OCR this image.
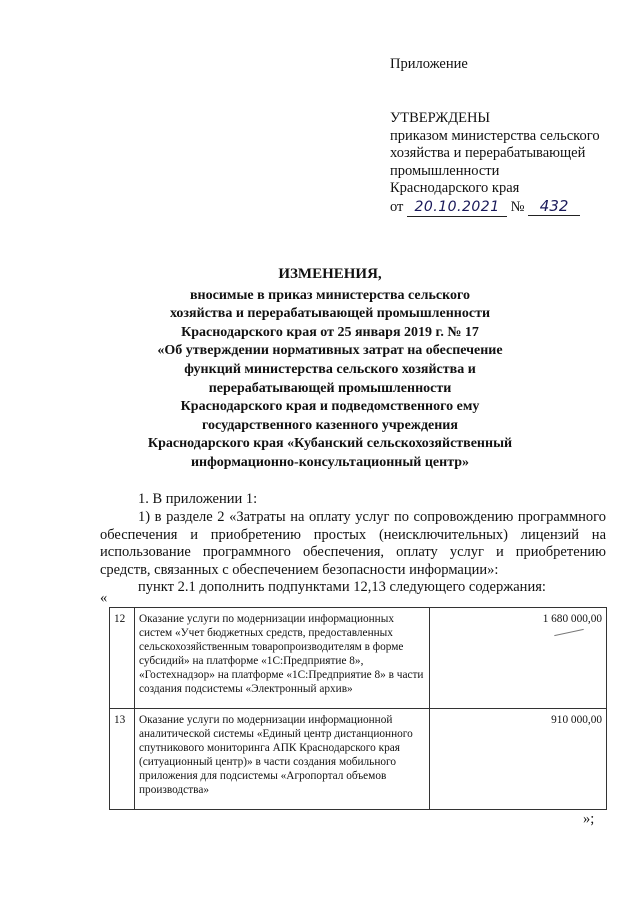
Приложение
УТВЕРЖДЕНЫ
приказом министерства сельского
хозяйства и перерабатывающей
промышленности
Краснодарского края
от 20.10.2021 № 432
ИЗМЕНЕНИЯ,
вносимые в приказ министерства сельского
хозяйства и перерабатывающей промышленности
Краснодарского края от 25 января 2019 г. № 17
«Об утверждении нормативных затрат на обеспечение
функций министерства сельского хозяйства и
перерабатывающей промышленности
Краснодарского края и подведомственного ему
государственного казенного учреждения
Краснодарского края «Кубанский сельскохозяйственный
информационно-консультационный центр»
1. В приложении 1:
1) в разделе 2 «Затраты на оплату услуг по сопровождению программного
обеспечения и приобретению простых (неисключительных) лицензий на
использование программного обеспечения, оплату услуг и приобретению
средств, связанных с обеспечением безопасности информации»:
пункт 2.1 дополнить подпунктами 12,13 следующего содержания:
«
12	Оказание услуги по модернизации информационных систем «Учет бюджетных средств, предоставленных сельскохозяйственным товаропроизводителям в форме субсидий» на платформе «1С:Предприятие 8», «Гостехнадзор» на платформе «1С:Предприятие 8» в части создания подсистемы «Электронный архив»	1 680 000,00

13	Оказание услуги по модернизации информационной аналитической системы «Единый центр дистанционного спутникового мониторинга АПК Краснодарского края (ситуационный центр)» в части создания мобильного приложения для подсистемы «Агропортал объемов производства»	910 000,00
»;
